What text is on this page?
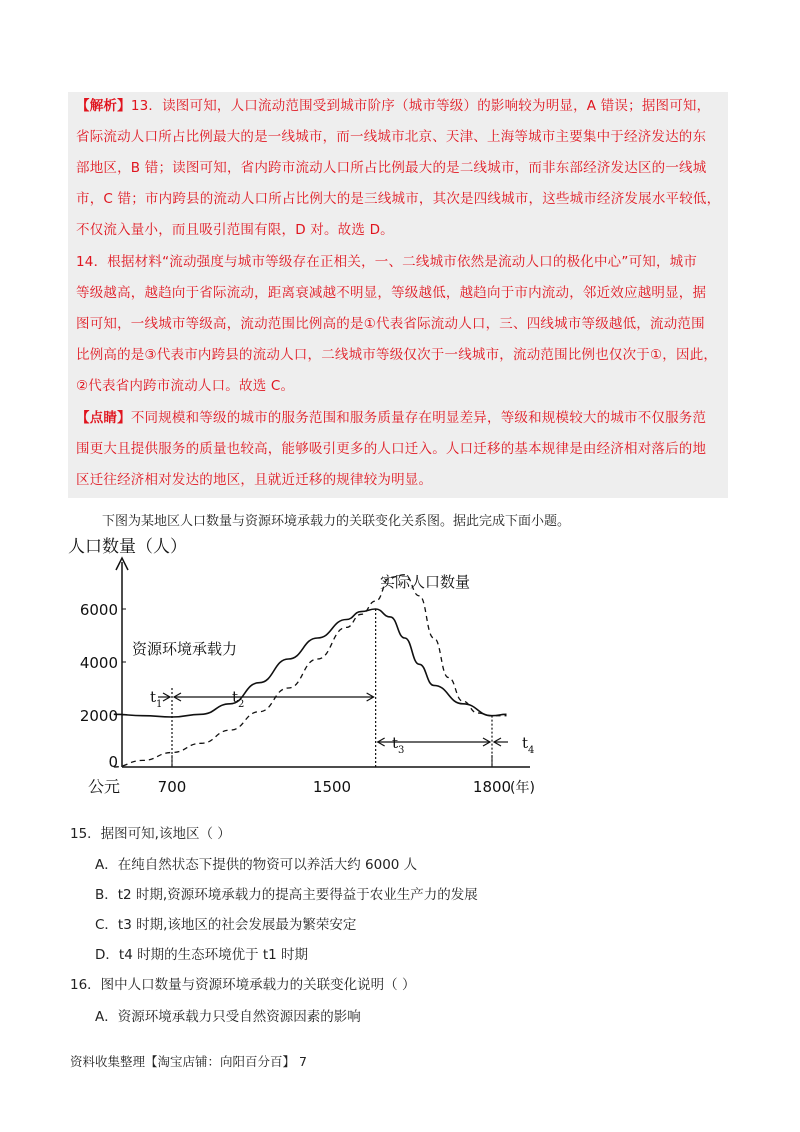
【解析】13．读图可知，人口流动范围受到城市阶序（城市等级）的影响较为明显，A 错误；据图可知，
省际流动人口所占比例最大的是一线城市，而一线城市北京、天津、上海等城市主要集中于经济发达的东
部地区，B 错；读图可知，省内跨市流动人口所占比例最大的是二线城市，而非东部经济发达区的一线城
市，C 错；市内跨县的流动人口所占比例大的是三线城市，其次是四线城市，这些城市经济发展水平较低，
不仅流入量小，而且吸引范围有限，D 对。故选 D。
14．根据材料“流动强度与城市等级存在正相关，一、二线城市依然是流动人口的极化中心”可知，城市
等级越高，越趋向于省际流动，距离衰减越不明显，等级越低，越趋向于市内流动，邻近效应越明显，据
图可知，一线城市等级高，流动范围比例高的是①代表省际流动人口，三、四线城市等级越低，流动范围
比例高的是③代表市内跨县的流动人口，二线城市等级仅次于一线城市，流动范围比例也仅次于①，因此，
②代表省内跨市流动人口。故选 C。
【点睛】不同规模和等级的城市的服务范围和服务质量存在明显差异，等级和规模较大的城市不仅服务范
围更大且提供服务的质量也较高，能够吸引更多的人口迁入。人口迁移的基本规律是由经济相对落后的地
区迁往经济相对发达的地区，且就近迁移的规律较为明显。
下图为某地区人口数量与资源环境承载力的关联变化关系图。据此完成下面小题。
人口数量（人）
0
2000
4000
6000
公元	700	1500	1800
(年)
资源环境承载力
实际人口数量
$t_1$	$t_2$
$t_3$	$t_4$
15．据图可知,该地区（ ）
A．在纯自然状态下提供的物资可以养活大约 6000 人
B．t2 时期,资源环境承载力的提高主要得益于农业生产力的发展
C．t3 时期,该地区的社会发展最为繁荣安定
D．t4 时期的生态环境优于 t1 时期
16．图中人口数量与资源环境承载力的关联变化说明（ ）
A．资源环境承载力只受自然资源因素的影响
资料收集整理【淘宝店铺：向阳百分百】 7
